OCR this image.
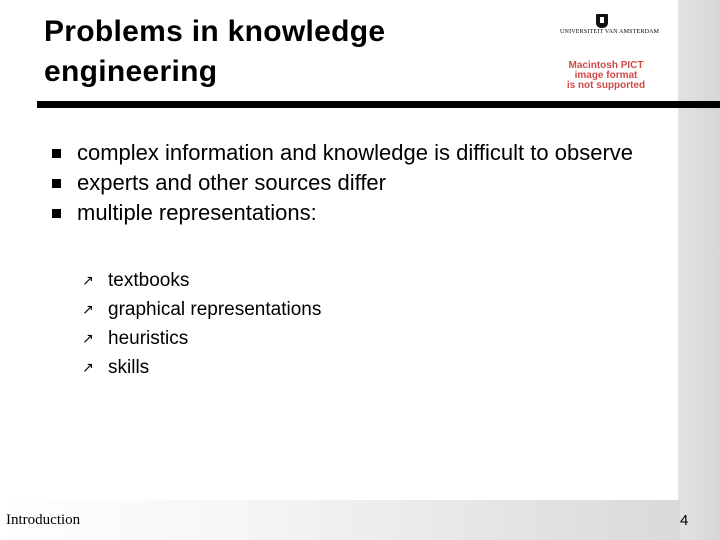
Problems in knowledge engineering
UNIVERSITEIT VAN AMSTERDAM
Macintosh PICT
image format
is not supported
complex information and knowledge is difficult to observe
experts and other sources differ
multiple representations:
↗ textbooks
↗ graphical representations
↗ heuristics
↗ skills
Introduction	4
